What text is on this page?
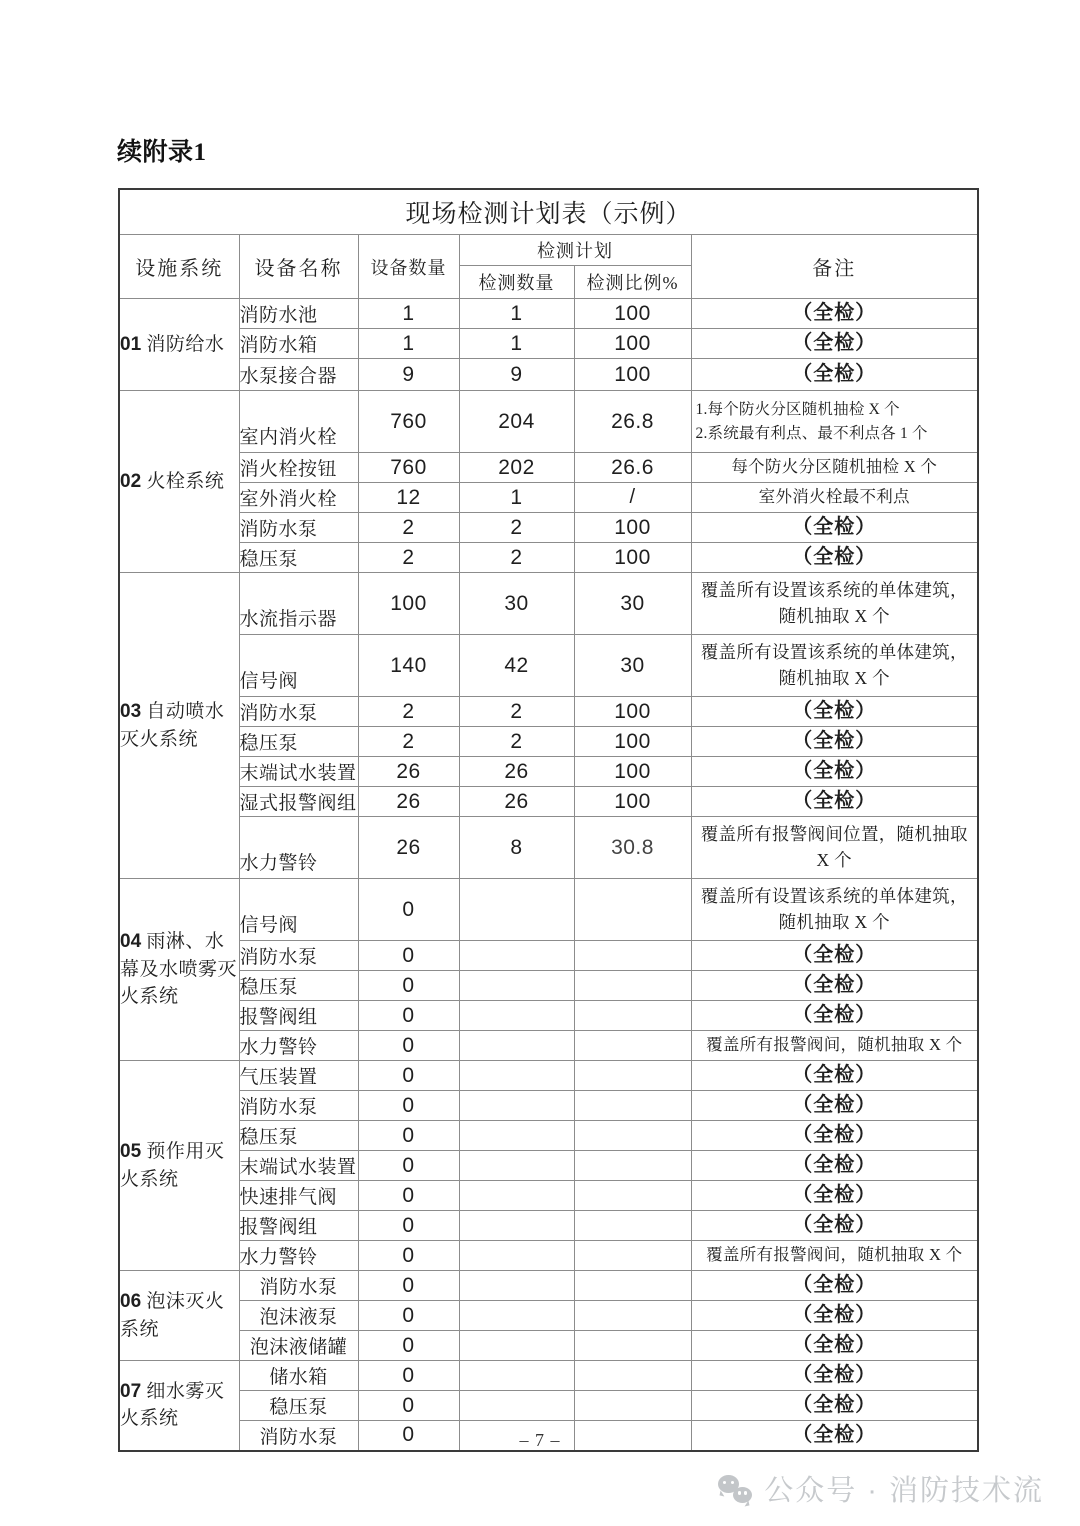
续附录1
现场检测计划表（示例）					
设施系统	设备名称	设备数量	检测计划		备注
			检测数量	检测比例%	
01 消防给水	消防水池	1	1	100	（全检）
	消防水箱	1	1	100	（全检）
	水泵接合器	9	9	100	（全检）
02 火栓系统	室内消火栓	760	204	26.8	1.每个防火分区随机抽检 X 个
2.系统最有利点、最不利点各 1 个

	消火栓按钮	760	202	26.6	每个防火分区随机抽检 X 个
	室外消火栓	12	1	/	室外消火栓最不利点
	消防水泵	2	2	100	（全检）
	稳压泵	2	2	100	（全检）
03 自动喷水灭火系统	水流指示器	100	30	30	覆盖所有设置该系统的单体建筑，
随机抽取 X 个

	信号阀	140	42	30	覆盖所有设置该系统的单体建筑，
随机抽取 X 个

	消防水泵	2	2	100	（全检）
	稳压泵	2	2	100	（全检）
	末端试水装置	26	26	100	（全检）
	湿式报警阀组	26	26	100	（全检）
	水力警铃	26	8	30.8	覆盖所有报警阀间位置，随机抽取
X 个

04 雨淋、水幕及水喷雾灭火系统	信号阀	0			覆盖所有设置该系统的单体建筑，
随机抽取 X 个

	消防水泵	0			（全检）
	稳压泵	0			（全检）
	报警阀组	0			（全检）
	水力警铃	0			覆盖所有报警阀间，随机抽取 X 个
05 预作用灭火系统	气压装置	0			（全检）
	消防水泵	0			（全检）
	稳压泵	0			（全检）
	末端试水装置	0			（全检）
	快速排气阀	0			（全检）
	报警阀组	0			（全检）
	水力警铃	0			覆盖所有报警阀间，随机抽取 X 个
06 泡沫灭火系统	消防水泵	0			（全检）
	泡沫液泵	0			（全检）
	泡沫液储罐	0			（全检）
07 细水雾灭火系统	储水箱	0			（全检）
	稳压泵	0			（全检）
	消防水泵	0			（全检）
– 7 –
公众号 · 消防技术流
